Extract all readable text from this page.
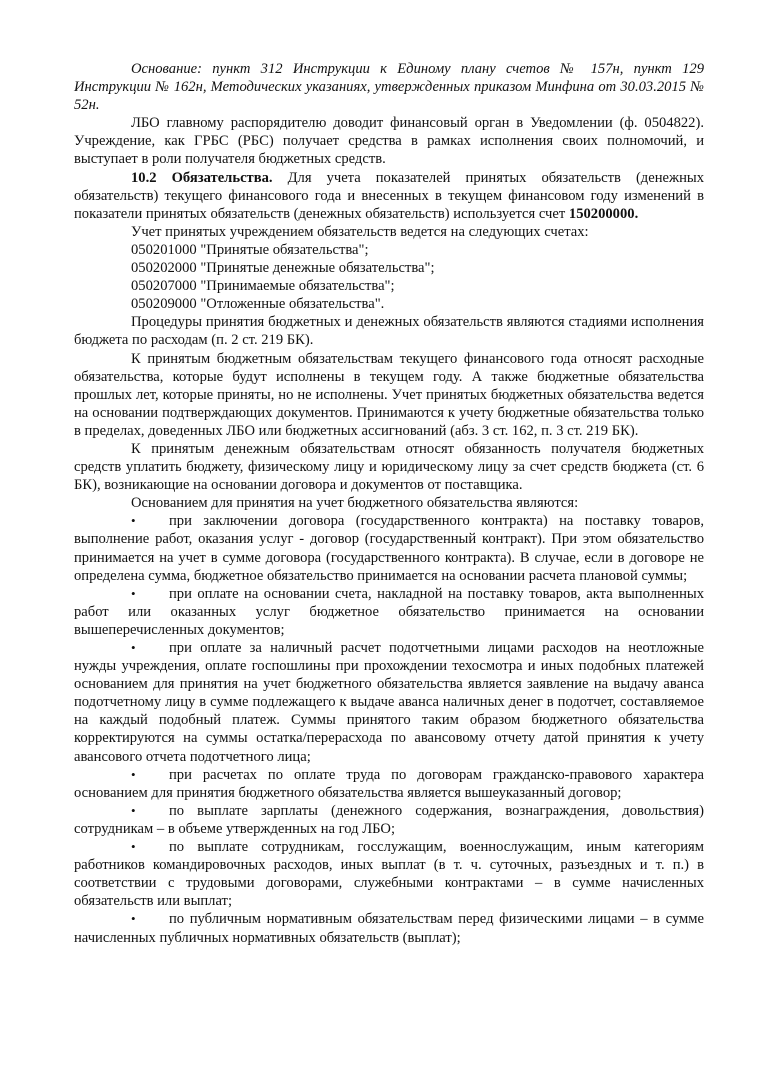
Основание: пункт 312 Инструкции к Единому плану счетов № 157н, пункт 129 Инструкции № 162н, Методических указаниях, утвержденных приказом Минфина от 30.03.2015 № 52н.

ЛБО главному распорядителю доводит финансовый орган в Уведомлении (ф. 0504822). Учреждение, как ГРБС (РБС) получает средства в рамках исполнения своих полномочий, и выступает в роли получателя бюджетных средств.

10.2 Обязательства. Для учета показателей принятых обязательств (денежных обязательств) текущего финансового года и внесенных в текущем финансовом году изменений в показатели принятых обязательств (денежных обязательств) используется счет 150200000.

Учет принятых учреждением обязательств ведется на следующих счетах:

050201000 "Принятые обязательства";

050202000 "Принятые денежные обязательства";

050207000 "Принимаемые обязательства";

050209000 "Отложенные обязательства".

Процедуры принятия бюджетных и денежных обязательств являются стадиями исполнения бюджета по расходам (п. 2 ст. 219 БК).

К принятым бюджетным обязательствам текущего финансового года относят расходные обязательства, которые будут исполнены в текущем году. А также бюджетные обязательства прошлых лет, которые приняты, но не исполнены. Учет принятых бюджетных обязательства ведется на основании подтверждающих документов. Принимаются к учету бюджетные обязательства только в пределах, доведенных ЛБО или бюджетных ассигнований (абз. 3 ст. 162, п. 3 ст. 219 БК).

К принятым денежным обязательствам относят обязанность получателя бюджетных средств уплатить бюджету, физическому лицу и юридическому лицу за счет средств бюджета (ст. 6 БК), возникающие на основании договора и документов от поставщика.

Основанием для принятия на учет бюджетного обязательства являются:

• при заключении договора (государственного контракта) на поставку товаров, выполнение работ, оказания услуг - договор (государственный контракт). При этом обязательство принимается на учет в сумме договора (государственного контракта). В случае, если в договоре не определена сумма, бюджетное обязательство принимается на основании расчета плановой суммы;

• при оплате на основании счета, накладной на поставку товаров, акта выполненных работ или оказанных услуг бюджетное обязательство принимается на основании вышеперечисленных документов;

• при оплате за наличный расчет подотчетными лицами расходов на неотложные нужды учреждения, оплате госпошлины при прохождении техосмотра и иных подобных платежей основанием для принятия на учет бюджетного обязательства является заявление на выдачу аванса подотчетному лицу в сумме подлежащего к выдаче аванса наличных денег в подотчет, составляемое на каждый подобный платеж. Суммы принятого таким образом бюджетного обязательства корректируются на суммы остатка/перерасхода по авансовому отчету датой принятия к учету авансового отчета подотчетного лица;

• при расчетах по оплате труда по договорам гражданско-правового характера основанием для принятия бюджетного обязательства является вышеуказанный договор;

• по выплате зарплаты (денежного содержания, вознаграждения, довольствия) сотрудникам – в объеме утвержденных на год ЛБО;

• по выплате сотрудникам, госслужащим, военнослужащим, иным категориям работников командировочных расходов, иных выплат (в т. ч. суточных, разъездных и т. п.) в соответствии с трудовыми договорами, служебными контрактами – в сумме начисленных обязательств или выплат;

• по публичным нормативным обязательствам перед физическими лицами – в сумме начисленных публичных нормативных обязательств (выплат);
